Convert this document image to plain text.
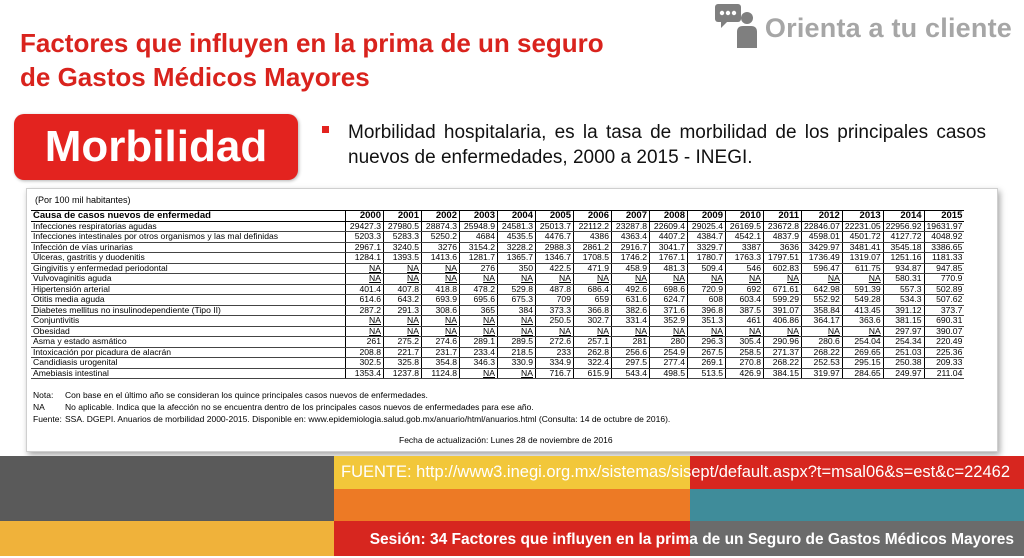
Factores que influyen en la prima de un seguro de Gastos Médicos Mayores
Orienta a tu cliente
Morbilidad	Morbilidad hospitalaria, es la tasa de morbilidad de los principales casos nuevos de enfermedades, 2000 a 2015 - INEGI.
(Por 100 mil habitantes)
Causa de casos nuevos de enfermedad	2000	2001	2002	2003	2004	2005	2006	2007	2008	2009	2010	2011	2012	2013	2014	2015
Infecciones respiratorias agudas	29427.3	27980.5	28874.3	25948.9	24581.3	25013.7	22112.2	23287.8	22609.4	29025.4	26169.5	23672.8	22846.07	22231.05	22956.92	19631.97
Infecciones intestinales por otros organismos y las mal definidas	5203.3	5283.3	5250.2	4684	4535.5	4476.7	4386	4363.4	4407.2	4384.7	4542.1	4837.9	4598.01	4501.72	4127.72	4048.92
Infección de vías urinarias	2967.1	3240.5	3276	3154.2	3228.2	2988.3	2861.2	2916.7	3041.7	3329.7	3387	3636	3429.97	3481.41	3545.18	3386.65
Úlceras, gastritis y duodenitis	1284.1	1393.5	1413.6	1281.7	1365.7	1346.7	1708.5	1746.2	1767.1	1780.7	1763.3	1797.51	1736.49	1319.07	1251.16	1181.33
Gingivitis y enfermedad periodontal	NA	NA	NA	276	350	422.5	471.9	458.9	481.3	509.4	546	602.83	596.47	611.75	934.87	947.85
Vulvovaginitis aguda	NA	NA	NA	NA	NA	NA	NA	NA	NA	NA	NA	NA	NA	NA	580.31	770.9
Hipertensión arterial	401.4	407.8	418.8	478.2	529.8	487.8	686.4	492.6	698.6	720.9	692	671.61	642.98	591.39	557.3	502.89
Otitis media aguda	614.6	643.2	693.9	695.6	675.3	709	659	631.6	624.7	608	603.4	599.29	552.92	549.28	534.3	507.62
Diabetes mellitus no insulinodependiente (Tipo II)	287.2	291.3	308.6	365	384	373.3	366.8	382.6	371.6	396.8	387.5	391.07	358.84	413.45	391.12	373.7
Conjuntivitis	NA	NA	NA	NA	NA	250.5	302.7	331.4	352.9	351.3	461	406.86	364.17	363.6	381.15	690.31
Obesidad	NA	NA	NA	NA	NA	NA	NA	NA	NA	NA	NA	NA	NA	NA	297.97	390.07
Asma y estado asmático	261	275.2	274.6	289.1	289.5	272.6	257.1	281	280	296.3	305.4	290.96	280.6	254.04	254.34	220.49
Intoxicación por picadura de alacrán	208.8	221.7	231.7	233.4	218.5	233	262.8	256.6	254.9	267.5	258.5	271.37	268.22	269.65	251.03	225.36
Candidiasis urogenital	302.5	325.8	354.8	346.3	330.9	334.9	322.4	297.5	277.4	269.1	270.8	268.22	252.53	295.15	250.38	209.33
Amebiasis intestinal	1353.4	1237.8	1124.8	NA	NA	716.7	615.9	543.4	498.5	513.5	426.9	384.15	319.97	284.65	249.97	211.04
Nota: Con base en el último año se consideran los quince principales casos nuevos de enfermedades.
NA No aplicable. Indica que la afección no se encuentra dentro de los principales casos nuevos de enfermedades para ese año.
Fuente: SSA. DGEPI. Anuarios de morbilidad 2000-2015. Disponible en: www.epidemiologia.salud.gob.mx/anuario/html/anuarios.html (Consulta: 14 de octubre de 2016).
Fecha de actualización: Lunes 28 de noviembre de 2016
FUENTE: http://www3.inegi.org.mx/sistemas/sisept/default.aspx?t=msal06&s=est&c=22462
Sesión: 34 Factores que influyen en la prima de un Seguro de Gastos Médicos Mayores
